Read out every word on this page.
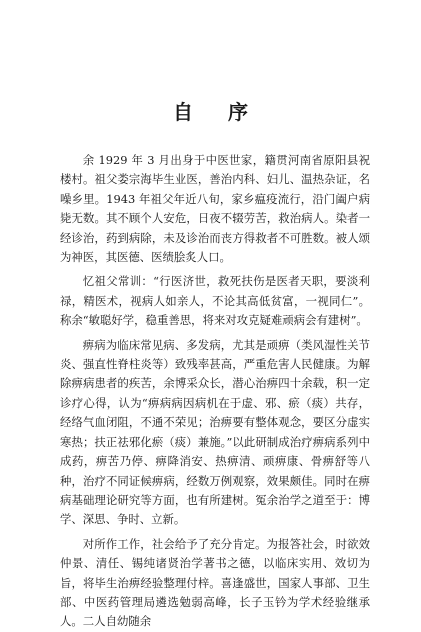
自 序

余 1929 年 3 月出身于中医世家，籍贯河南省原阳县祝楼村。祖父娄宗海毕生业医，善治内科、妇儿、温热杂证，名噪乡里。1943 年祖父年近八旬，家乡瘟疫流行，沿门阖户病毙无数。其不顾个人安危，日夜不辍劳苦，救治病人。染者一经诊治，药到病除，未及诊治而丧方得救者不可胜数。被人颂为神医，其医德、医绩脍炙人口。

忆祖父常训：“行医济世，救死扶伤是医者天职，要淡利禄，精医术，视病人如亲人，不论其高低贫富，一视同仁”。称余“敏聪好学，稳重善思，将来对攻克疑难顽病会有建树”。

痹病为临床常见病、多发病，尤其是顽痹（类风湿性关节炎、强直性脊柱炎等）致残率甚高，严重危害人民健康。为解除痹病患者的疾苦，余博采众长，潜心治痹四十余载，积一定诊疗心得，认为“痹病病因病机在于虚、邪、瘀（痰）共存，经络气血闭阻，不通不荣见；治痹要有整体观念，要区分虚实寒热；扶正祛邪化瘀（痰）兼施。”以此研制成治疗痹病系列中成药，痹苦乃停、痹降消安、热痹清、顽痹康、骨痹舒等八种，治疗不同证候痹病，经数万例观察，效果颇佳。同时在痹病基础理论研究等方面，也有所建树。冤余治学之道至于：博学、深思、争时、立新。

对所作工作，社会给予了充分肯定。为报答社会，时欲效仲景、清任、锡纯诸贤治学著书之德，以临床实用、效切为旨，将毕生治痹经验整理付梓。喜逢盛世，国家人事部、卫生部、中医药管理局遴选勉弱高峰，长子玉钤为学术经验继承人。二人自幼随余
